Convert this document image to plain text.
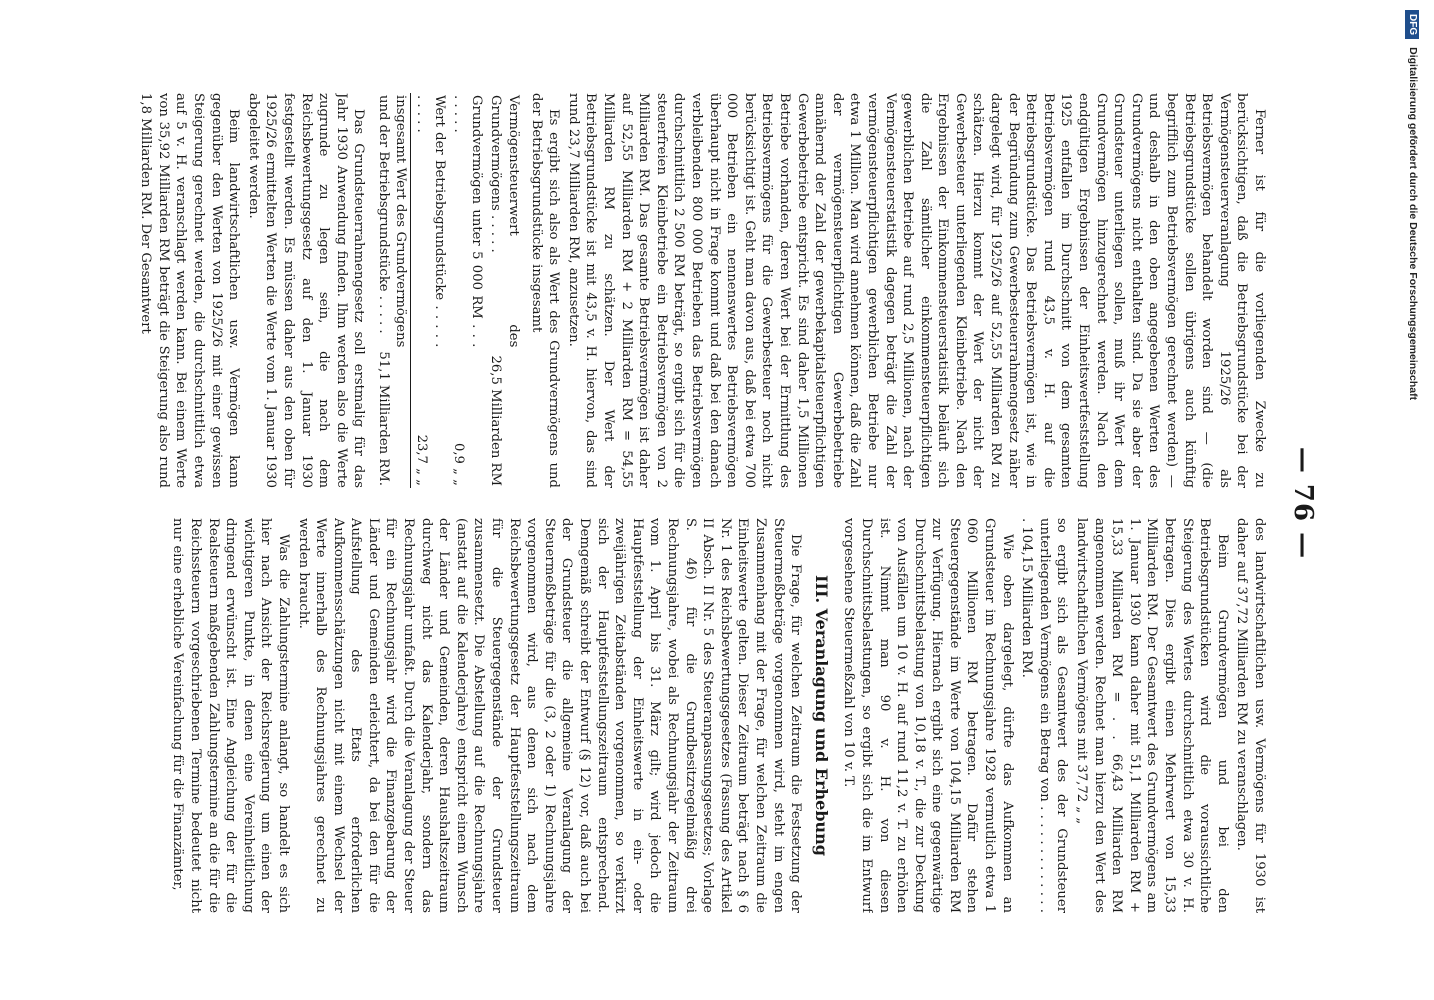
— 76 —

Ferner ist für die vorliegenden Zwecke zu berücksichtigen, daß die Betriebsgrundstücke bei der Vermögensteuerveranlagung 1925/26 als Betriebsvermögen behandelt worden sind — (die Betriebsgrundstücke sollen übrigens auch künftig begrifflich zum Betriebsvermögen gerechnet werden) — und deshalb in den oben angegebenen Werten des Grundvermögens nicht enthalten sind. Da sie aber der Grundsteuer unterliegen sollen, muß ihr Wert dem Grundvermögen hinzugerechnet werden. Nach den endgültigen Ergebnissen der Einheitswertfeststellung 1925 entfallen im Durchschnitt von dem gesamten Betriebsvermögen rund 43,5 v. H. auf die Betriebsgrundstücke. Das Betriebsvermögen ist, wie in der Begründung zum Gewerbesteuerrahmengesetz näher dargelegt wird, für 1925/26 auf 52,55 Milliarden RM zu schätzen. Hierzu kommt der Wert der nicht der Gewerbesteuer unterliegenden Kleinbetriebe. Nach den Ergebnissen der Einkommensteuerstatistik beläuft sich die Zahl sämtlicher einkommensteuerpflichtigen gewerblichen Betriebe auf rund 2,5 Millionen, nach der Vermögensteuerstatistik dagegen beträgt die Zahl der vermögensteuerpflichtigen gewerblichen Betriebe nur etwa 1 Million. Man wird annehmen können, daß die Zahl der vermögensteuerpflichtigen Gewerbebetriebe annähernd der Zahl der gewerbekapitalsteuerpflichtigen Gewerbebetriebe entspricht. Es sind daher 1,5 Millionen Betriebe vorhanden, deren Wert bei der Ermittlung des Betriebsvermögens für die Gewerbesteuer noch nicht berücksichtigt ist. Geht man davon aus, daß bei etwa 700 000 Betrieben ein nennenswertes Betriebsvermögen überhaupt nicht in Frage kommt und daß bei den danach verbleibenden 800 000 Betrieben das Betriebsvermögen durchschnittlich 2 500 RM beträgt, so ergibt sich für die steuerfreien Kleinbetriebe ein Betriebsvermögen von 2 Milliarden RM. Das gesamte Betriebsvermögen ist daher auf 52,55 Milliarden RM + 2 Milliarden RM = 54,55 Milliarden RM zu schätzen. Der Wert der Betriebsgrundstücke ist mit 43,5 v. H. hiervon, das sind rund 23,7 Milliarden RM, anzusetzen.

Es ergibt sich also als Wert des Grundvermögens und der Betriebsgrundstücke insgesamt

Vermögensteuerwert des Grundvermögens . . . . .	26,5 Milliarden RM
Grundvermögen unter 5 000 RM . . . . . . . .	0,9 „ „
Wert der Betriebsgrundstücke . . . . . . . . . .	23,7 „ „
insgesamt Wert des Grundvermögens und der Betriebsgrundstücke . . . . .	51,1 Milliarden RM.

Das Grundsteuerrahmengesetz soll erstmalig für das Jahr 1930 Anwendung finden. Ihm werden also die Werte zugrunde zu legen sein, die nach dem Reichsbewertungsgesetz auf den 1. Januar 1930 festgestellt werden. Es müssen daher aus den oben für 1925/26 ermittelten Werten die Werte vom 1. Januar 1930 abgeleitet werden.

Beim landwirtschaftlichen usw. Vermögen kann gegenüber den Werten von 1925/26 mit einer gewissen Steigerung gerechnet werden, die durchschnittlich etwa auf 5 v. H. veranschlagt werden kann. Bei einem Werte von 35,92 Milliarden RM beträgt die Steigerung also rund 1,8 Milliarden RM. Der Gesamtwert

des landwirtschaftlichen usw. Vermögens für 1930 ist daher auf 37,72 Milliarden RM zu veranschlagen.

Beim Grundvermögen und bei den Betriebsgrundstücken wird die voraussichtliche Steigerung des Wertes durchschnittlich etwa 30 v. H. betragen. Dies ergibt einen Mehrwert von 15,33 Milliarden RM. Der Gesamtwert des Grundvermögens am 1. Januar 1930 kann daher mit 51,1 Milliarden RM + 15,33 Milliarden RM = . . 66,43 Milliarden RM angenommen werden. Rechnet man hierzu den Wert des landwirtschaftlichen Vermögens mit 37,72 „ „

so ergibt sich als Gesamtwert des der Grundsteuer unterliegenden Vermögens ein Betrag von . . . . . . . . . . . . . . 104,15 Milliarden RM.

Wie oben dargelegt, dürfte das Aufkommen an Grundsteuer im Rechnungsjahre 1928 vermutlich etwa 1 060 Millionen RM betragen. Dafür stehen Steuergegenstände im Werte von 104,15 Milliarden RM zur Verfügung. Hiernach ergibt sich eine gegenwärtige Durchschnittsbelastung von 10,18 v. T., die zur Deckung von Ausfällen um 10 v. H. auf rund 11,2 v. T. zu erhöhen ist. Nimmt man 90 v. H. von diesen Durchschnittsbelastungen, so ergibt sich die im Entwurf vorgesehene Steuermeßzahl von 10 v. T.

III. Veranlagung und Erhebung

Die Frage, für welchen Zeitraum die Festsetzung der Steuermeßbeträge vorgenommen wird, steht im engen Zusammenhang mit der Frage, für welchen Zeitraum die Einheitswerte gelten. Dieser Zeitraum beträgt nach § 6 Nr. 1 des Reichsbewertungsgesetzes (Fassung des Artikel II Absch. II Nr. 5 des Steueranpassungsgesetzes; Vorlage S. 46) für die Grundbesitzregelmäßig drei Rechnungsjahre, wobei als Rechnungsjahr der Zeitraum vom 1. April bis 31. März gilt; wird jedoch die Hauptfeststellung der Einheitswerte in ein- oder zweijährigen Zeitabständen vorgenommen, so verkürzt sich der Hauptfeststellungszeitraum entsprechend. Demgemäß schreibt der Entwurf (§ 12) vor, daß auch bei der Grundsteuer die allgemeine Veranlagung der Steuermeßbeträge für die (3, 2 oder 1) Rechnungsjahre vorgenommen wird, aus denen sich nach dem Reichsbewertungsgesetz der Hauptfeststellungszeitraum für die Steuergegenstände der Grundsteuer zusammensetzt. Die Abstellung auf die Rechnungsjahre (anstatt auf die Kalenderjahre) entspricht einem Wunsch der Länder und Gemeinden, deren Haushaltszeitraum durchweg nicht das Kalenderjahr, sondern das Rechnungsjahr umfaßt. Durch die Veranlagung der Steuer für ein Rechnungsjahr wird die Finanzgebarung der Länder und Gemeinden erleichtert, da bei den für die Aufstellung des Etats erforderlichen Aufkommensschätzungen nicht mit einem Wechsel der Werte innerhalb des Rechnungsjahres gerechnet zu werden braucht.

Was die Zahlungstermine anlangt, so handelt es sich hier nach Ansicht der Reichsregierung um einen der wichtigeren Punkte, in denen eine Vereinheitlichung dringend erwünscht ist. Eine Angleichung der für die Realsteuern maßgebenden Zahlungstermine an die für die Reichssteuern vorgeschriebenen Termine bedeutet nicht nur eine erhebliche Vereinfachung für die Finanzämter,

DFGDigitalisierung gefördert durch die Deutsche Forschungsgemeinschaft
